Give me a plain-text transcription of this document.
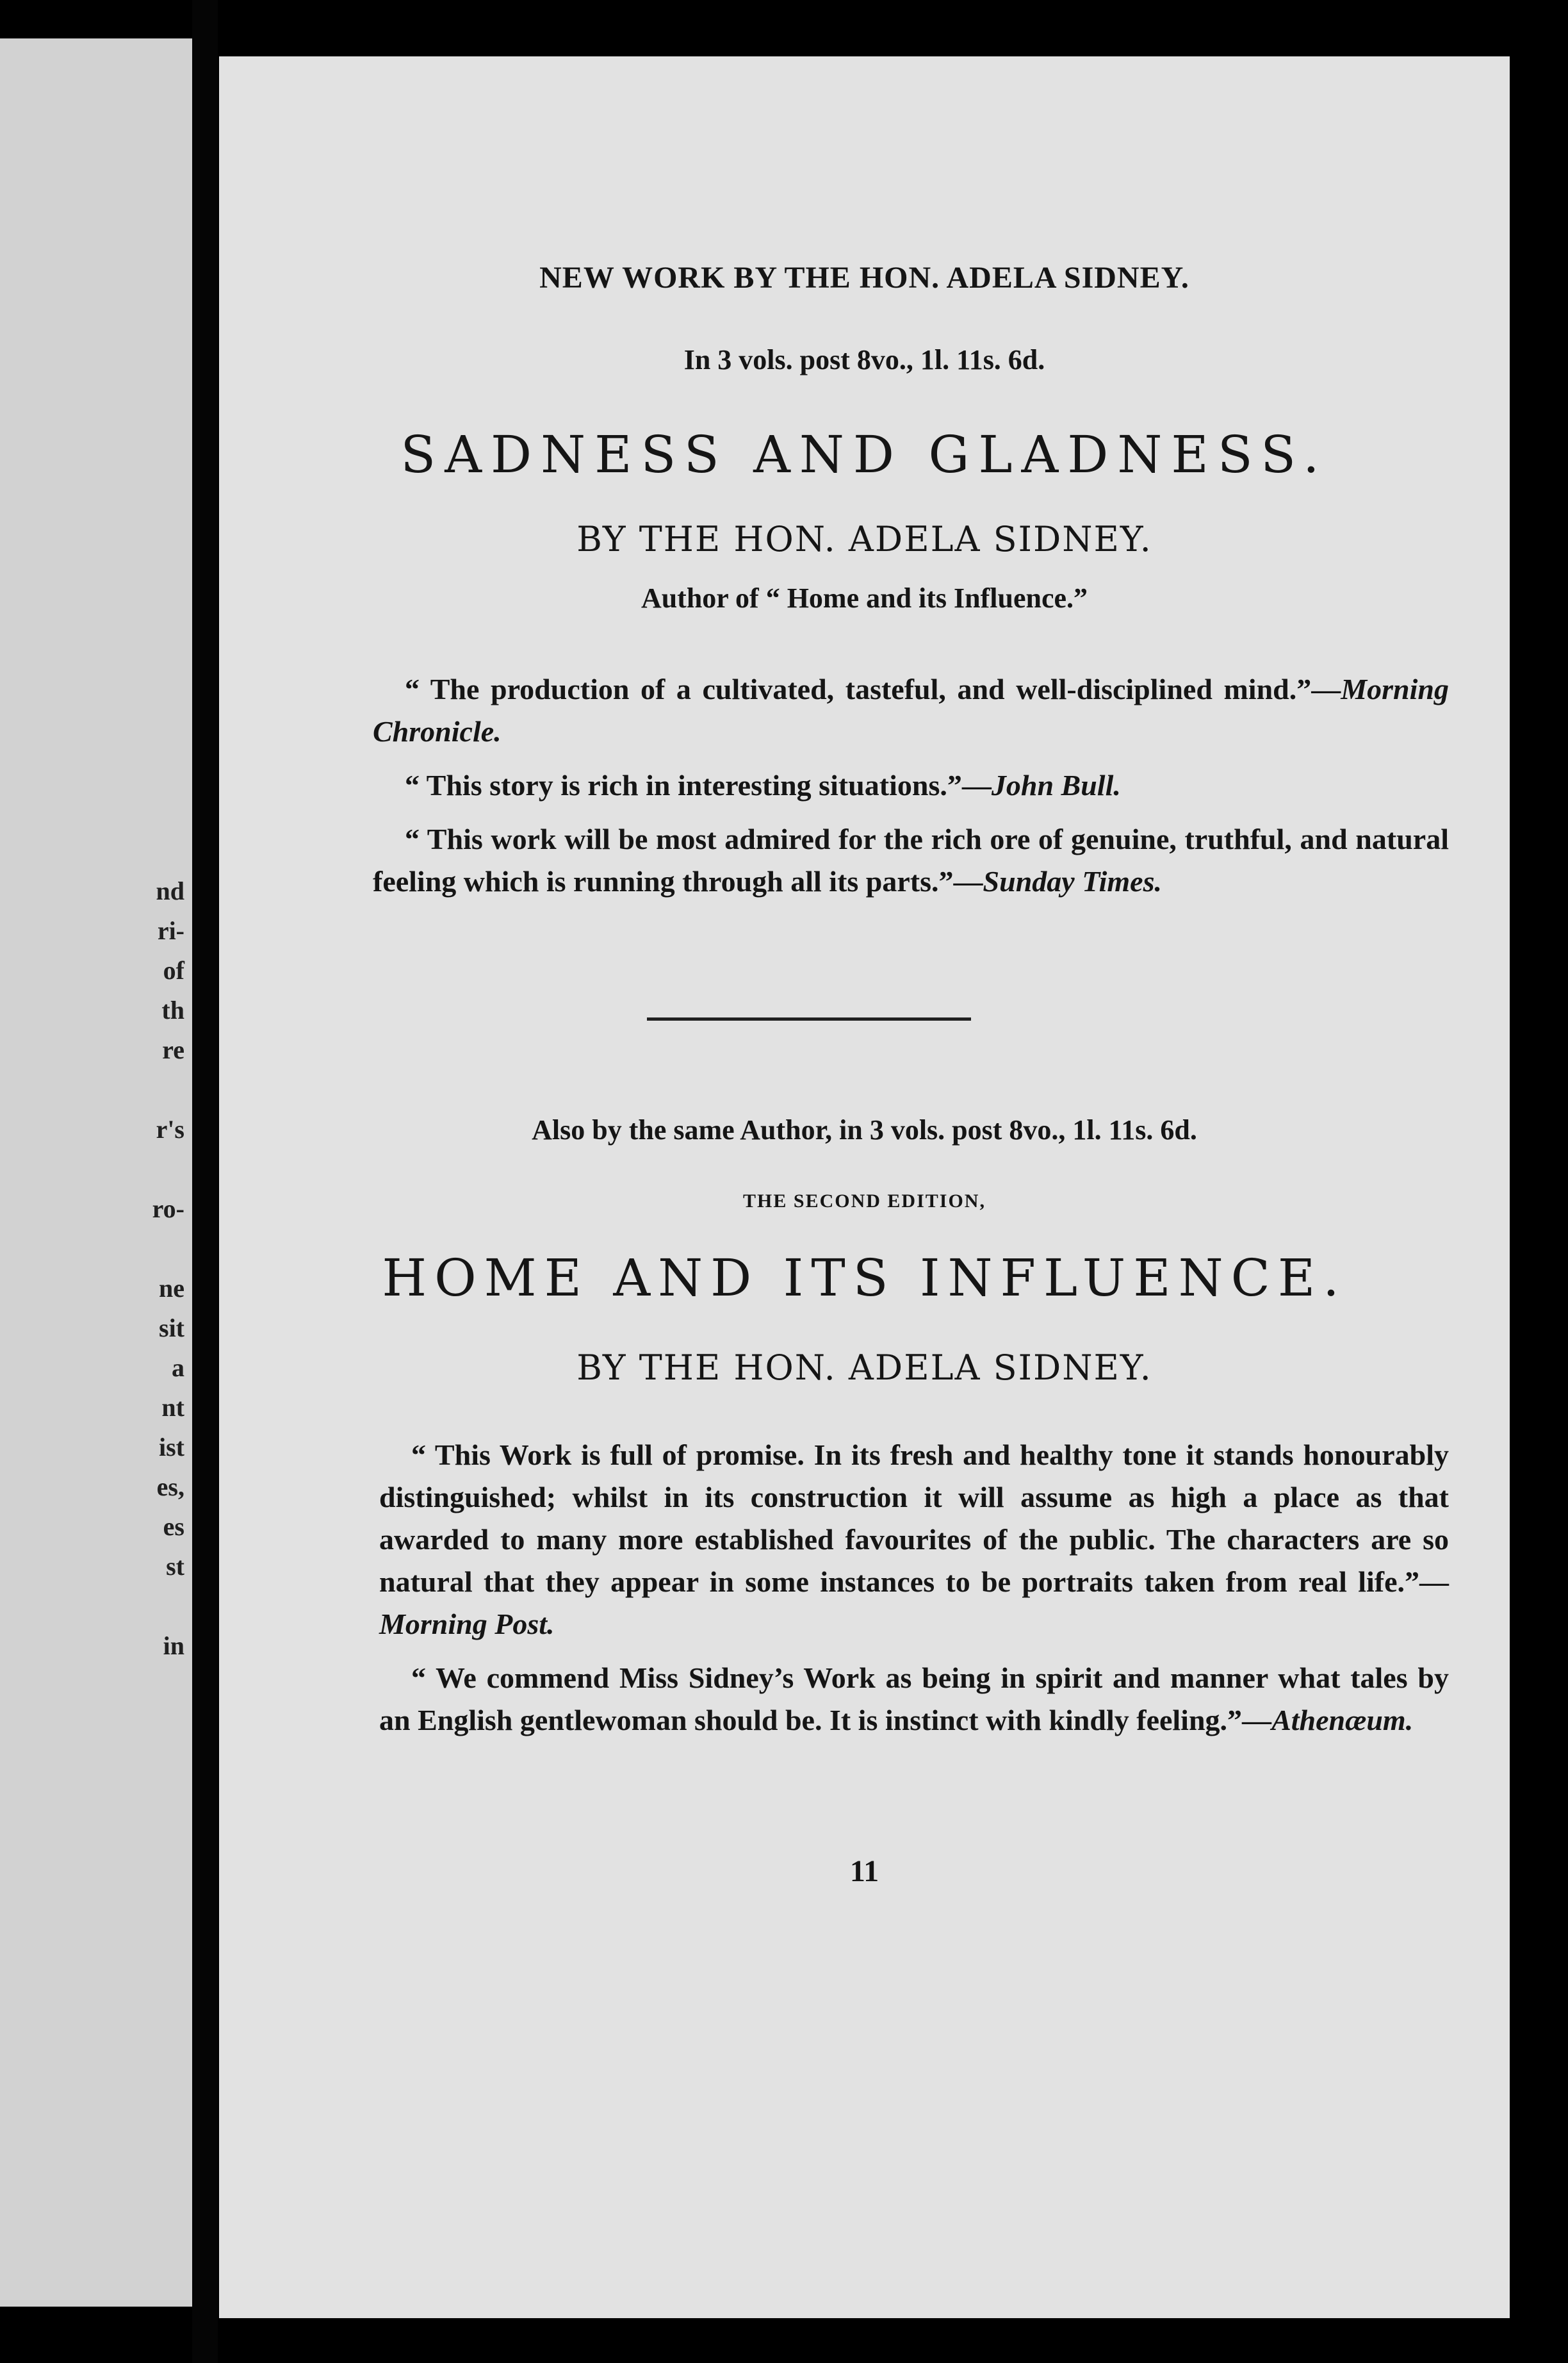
nd
ri-
of
th
re
r's
ro-
ne
sit
a
nt
ist
es,
es
st
in
NEW WORK BY THE HON. ADELA SIDNEY.
In 3 vols. post 8vo., 1l. 11s. 6d.
SADNESS AND GLADNESS.
BY THE HON. ADELA SIDNEY.
Author of “ Home and its Influence.”
“ The production of a cultivated, tasteful, and well-disciplined mind.”—Morning Chronicle.
“ This story is rich in interesting situations.”—John Bull.
“ This work will be most admired for the rich ore of genuine, truthful, and natural feeling which is running through all its parts.”—Sunday Times.
Also by the same Author, in 3 vols. post 8vo., 1l. 11s. 6d.
THE SECOND EDITION,
HOME AND ITS INFLUENCE.
BY THE HON. ADELA SIDNEY.
“ This Work is full of promise. In its fresh and healthy tone it stands honourably distinguished; whilst in its construction it will assume as high a place as that awarded to many more established favourites of the public. The characters are so natural that they appear in some instances to be portraits taken from real life.”—Morning Post.
“ We commend Miss Sidney’s Work as being in spirit and manner what tales by an English gentlewoman should be. It is instinct with kindly feeling.”—Athenæum.
11
